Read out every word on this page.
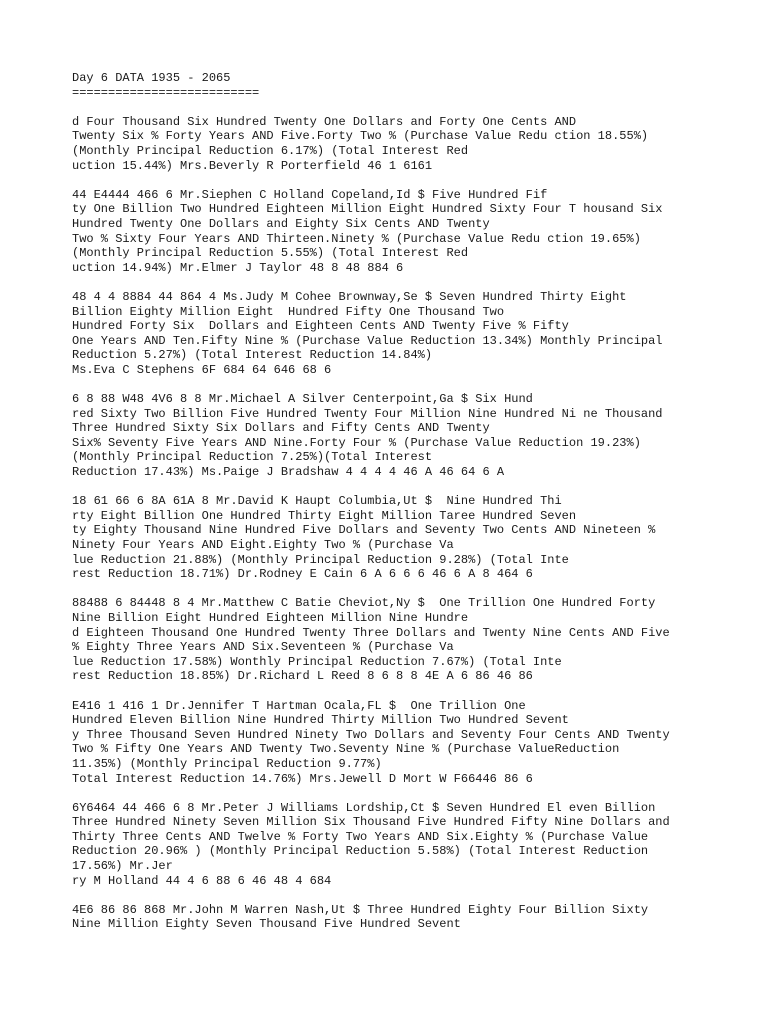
Day 6 DATA 1935 - 2065
==========================
d Four Thousand Six Hundred Twenty One Dollars and Forty One Cents AND
Twenty Six % Forty Years AND Five.Forty Two % (Purchase Value Redu ction 18.55%)
(Monthly Principal Reduction 6.17%) (Total Interest Red
uction 15.44%) Mrs.Beverly R Porterfield 46 1 6161
44 E4444 466 6 Mr.Siephen C Holland Copeland,Id $ Five Hundred Fif
ty One Billion Two Hundred Eighteen Million Eight Hundred Sixty Four T housand Six
Hundred Twenty One Dollars and Eighty Six Cents AND Twenty
Two % Sixty Four Years AND Thirteen.Ninety % (Purchase Value Redu ction 19.65%)
(Monthly Principal Reduction 5.55%) (Total Interest Red
uction 14.94%) Mr.Elmer J Taylor 48 8 48 884 6
48 4 4 8884 44 864 4 Ms.Judy M Cohee Brownway,Se $ Seven Hundred Thirty Eight
Billion Eighty Million Eight  Hundred Fifty One Thousand Two
Hundred Forty Six  Dollars and Eighteen Cents AND Twenty Five % Fifty
One Years AND Ten.Fifty Nine % (Purchase Value Reduction 13.34%) Monthly Principal
Reduction 5.27%) (Total Interest Reduction 14.84%)
Ms.Eva C Stephens 6F 684 64 646 68 6
6 8 88 W48 4V6 8 8 Mr.Michael A Silver Centerpoint,Ga $ Six Hund
red Sixty Two Billion Five Hundred Twenty Four Million Nine Hundred Ni ne Thousand
Three Hundred Sixty Six Dollars and Fifty Cents AND Twenty
Six% Seventy Five Years AND Nine.Forty Four % (Purchase Value Reduction 19.23%)
(Monthly Principal Reduction 7.25%)(Total Interest
Reduction 17.43%) Ms.Paige J Bradshaw 4 4 4 4 46 A 46 64 6 A
18 61 66 6 8A 61A 8 Mr.David K Haupt Columbia,Ut $  Nine Hundred Thi
rty Eight Billion One Hundred Thirty Eight Million Taree Hundred Seven
ty Eighty Thousand Nine Hundred Five Dollars and Seventy Two Cents AND Nineteen %
Ninety Four Years AND Eight.Eighty Two % (Purchase Va
lue Reduction 21.88%) (Monthly Principal Reduction 9.28%) (Total Inte
rest Reduction 18.71%) Dr.Rodney E Cain 6 A 6 6 6 46 6 A 8 464 6
88488 6 84448 8 4 Mr.Matthew C Batie Cheviot,Ny $  One Trillion One Hundred Forty
Nine Billion Eight Hundred Eighteen Million Nine Hundre
d Eighteen Thousand One Hundred Twenty Three Dollars and Twenty Nine Cents AND Five
% Eighty Three Years AND Six.Seventeen % (Purchase Va
lue Reduction 17.58%) Wonthly Principal Reduction 7.67%) (Total Inte
rest Reduction 18.85%) Dr.Richard L Reed 8 6 8 8 4E A 6 86 46 86
E416 1 416 1 Dr.Jennifer T Hartman Ocala,FL $  One Trillion One
Hundred Eleven Billion Nine Hundred Thirty Million Two Hundred Sevent
y Three Thousand Seven Hundred Ninety Two Dollars and Seventy Four Cents AND Twenty
Two % Fifty One Years AND Twenty Two.Seventy Nine % (Purchase ValueReduction
11.35%) (Monthly Principal Reduction 9.77%)
Total Interest Reduction 14.76%) Mrs.Jewell D Mort W F66446 86 6
6Y6464 44 466 6 8 Mr.Peter J Williams Lordship,Ct $ Seven Hundred El even Billion
Three Hundred Ninety Seven Million Six Thousand Five Hundred Fifty Nine Dollars and
Thirty Three Cents AND Twelve % Forty Two Years AND Six.Eighty % (Purchase Value
Reduction 20.96% ) (Monthly Principal Reduction 5.58%) (Total Interest Reduction
17.56%) Mr.Jer
ry M Holland 44 4 6 88 6 46 48 4 684
4E6 86 86 868 Mr.John M Warren Nash,Ut $ Three Hundred Eighty Four Billion Sixty
Nine Million Eighty Seven Thousand Five Hundred Sevent
